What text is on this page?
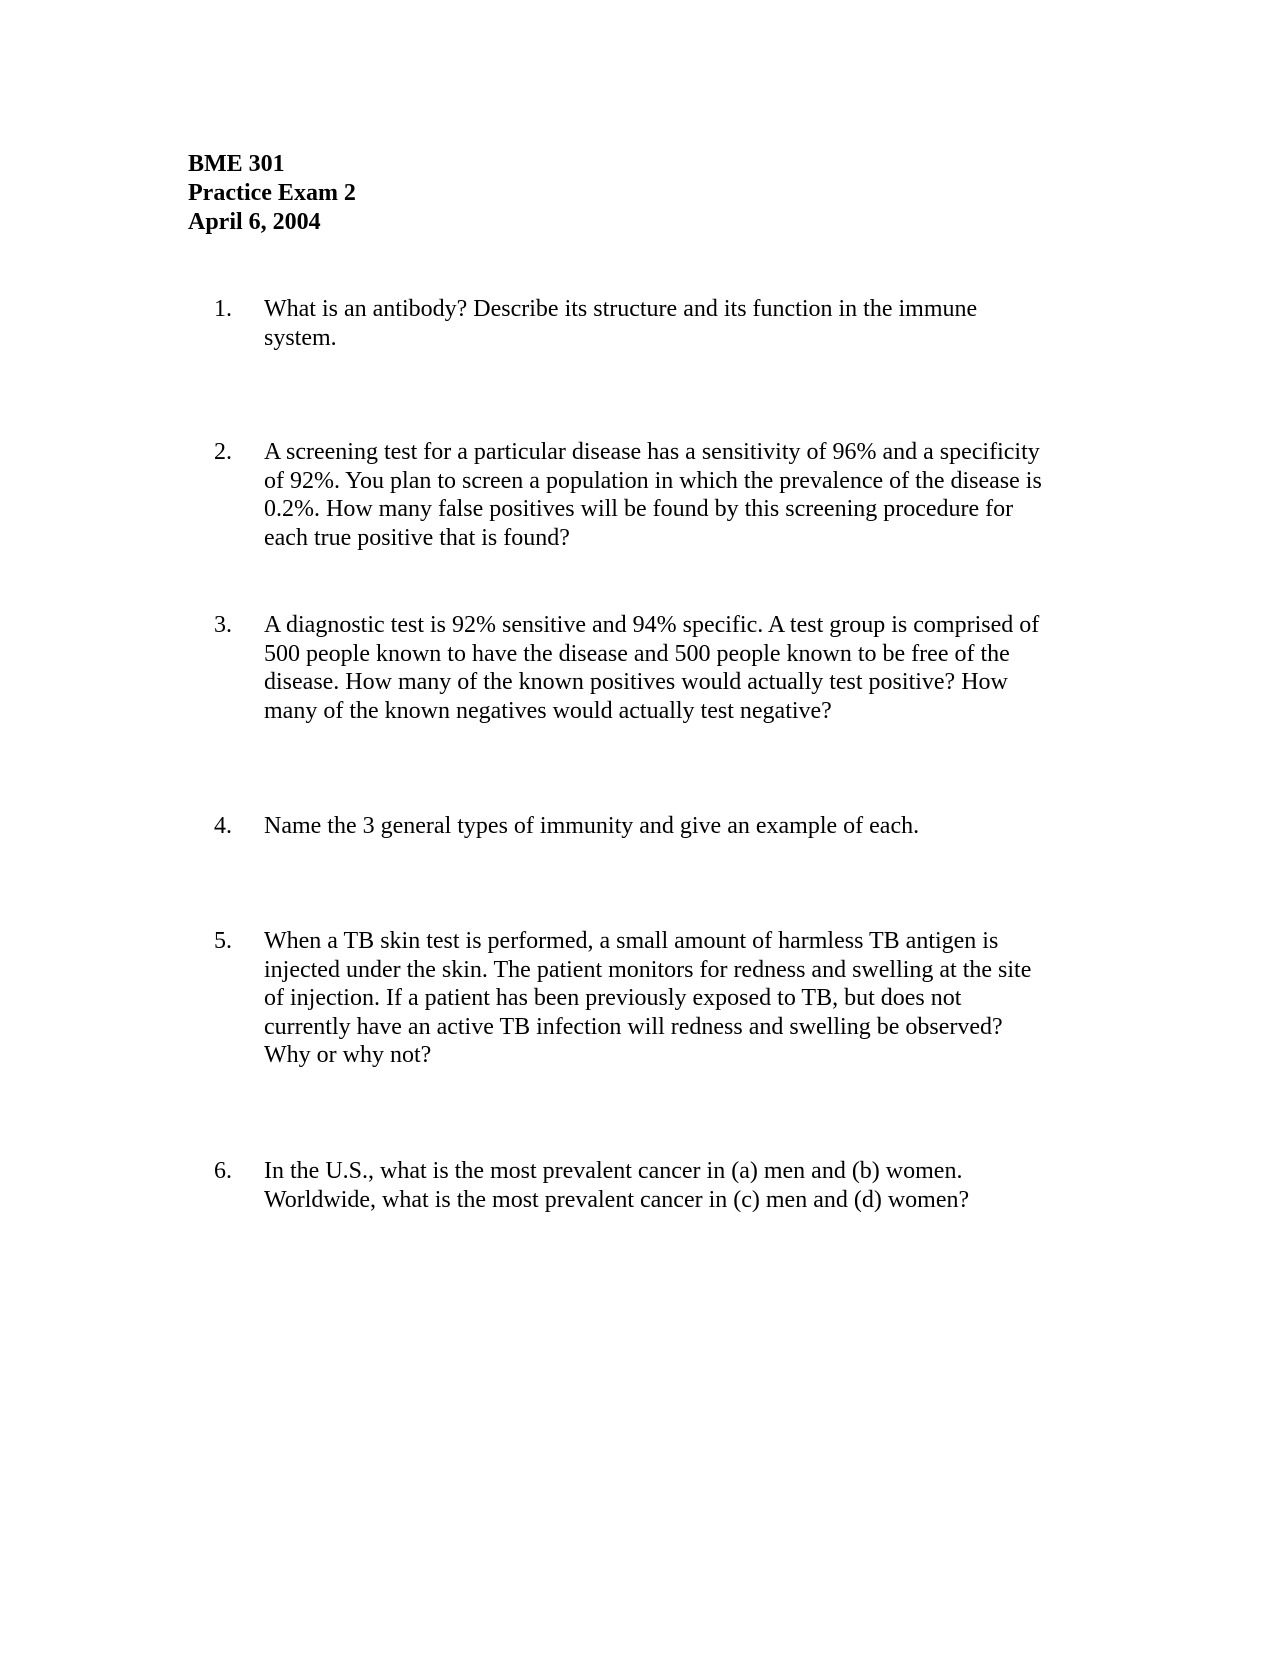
BME 301
Practice Exam 2
April 6, 2004
1.	What is an antibody? Describe its structure and its function in the immune
system.
2.	A screening test for a particular disease has a sensitivity of 96% and a specificity
of 92%. You plan to screen a population in which the prevalence of the disease is
0.2%. How many false positives will be found by this screening procedure for
each true positive that is found?
3.	A diagnostic test is 92% sensitive and 94% specific. A test group is comprised of
500 people known to have the disease and 500 people known to be free of the
disease. How many of the known positives would actually test positive? How
many of the known negatives would actually test negative?
4.	Name the 3 general types of immunity and give an example of each.
5.	When a TB skin test is performed, a small amount of harmless TB antigen is
injected under the skin. The patient monitors for redness and swelling at the site
of injection. If a patient has been previously exposed to TB, but does not
currently have an active TB infection will redness and swelling be observed?
Why or why not?
6.	In the U.S., what is the most prevalent cancer in (a) men and (b) women.
Worldwide, what is the most prevalent cancer in (c) men and (d) women?
